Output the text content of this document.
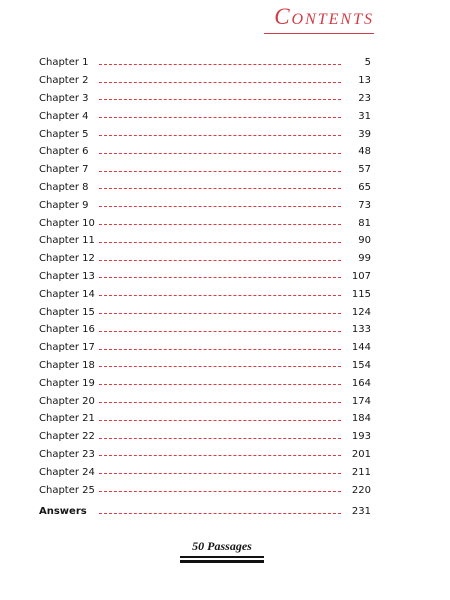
Contents
Chapter 1	5
Chapter 2	13
Chapter 3	23
Chapter 4	31
Chapter 5	39
Chapter 6	48
Chapter 7	57
Chapter 8	65
Chapter 9	73
Chapter 10	81
Chapter 11	90
Chapter 12	99
Chapter 13	107
Chapter 14	115
Chapter 15	124
Chapter 16	133
Chapter 17	144
Chapter 18	154
Chapter 19	164
Chapter 20	174
Chapter 21	184
Chapter 22	193
Chapter 23	201
Chapter 24	211
Chapter 25	220
Answers	231
50 Passages
